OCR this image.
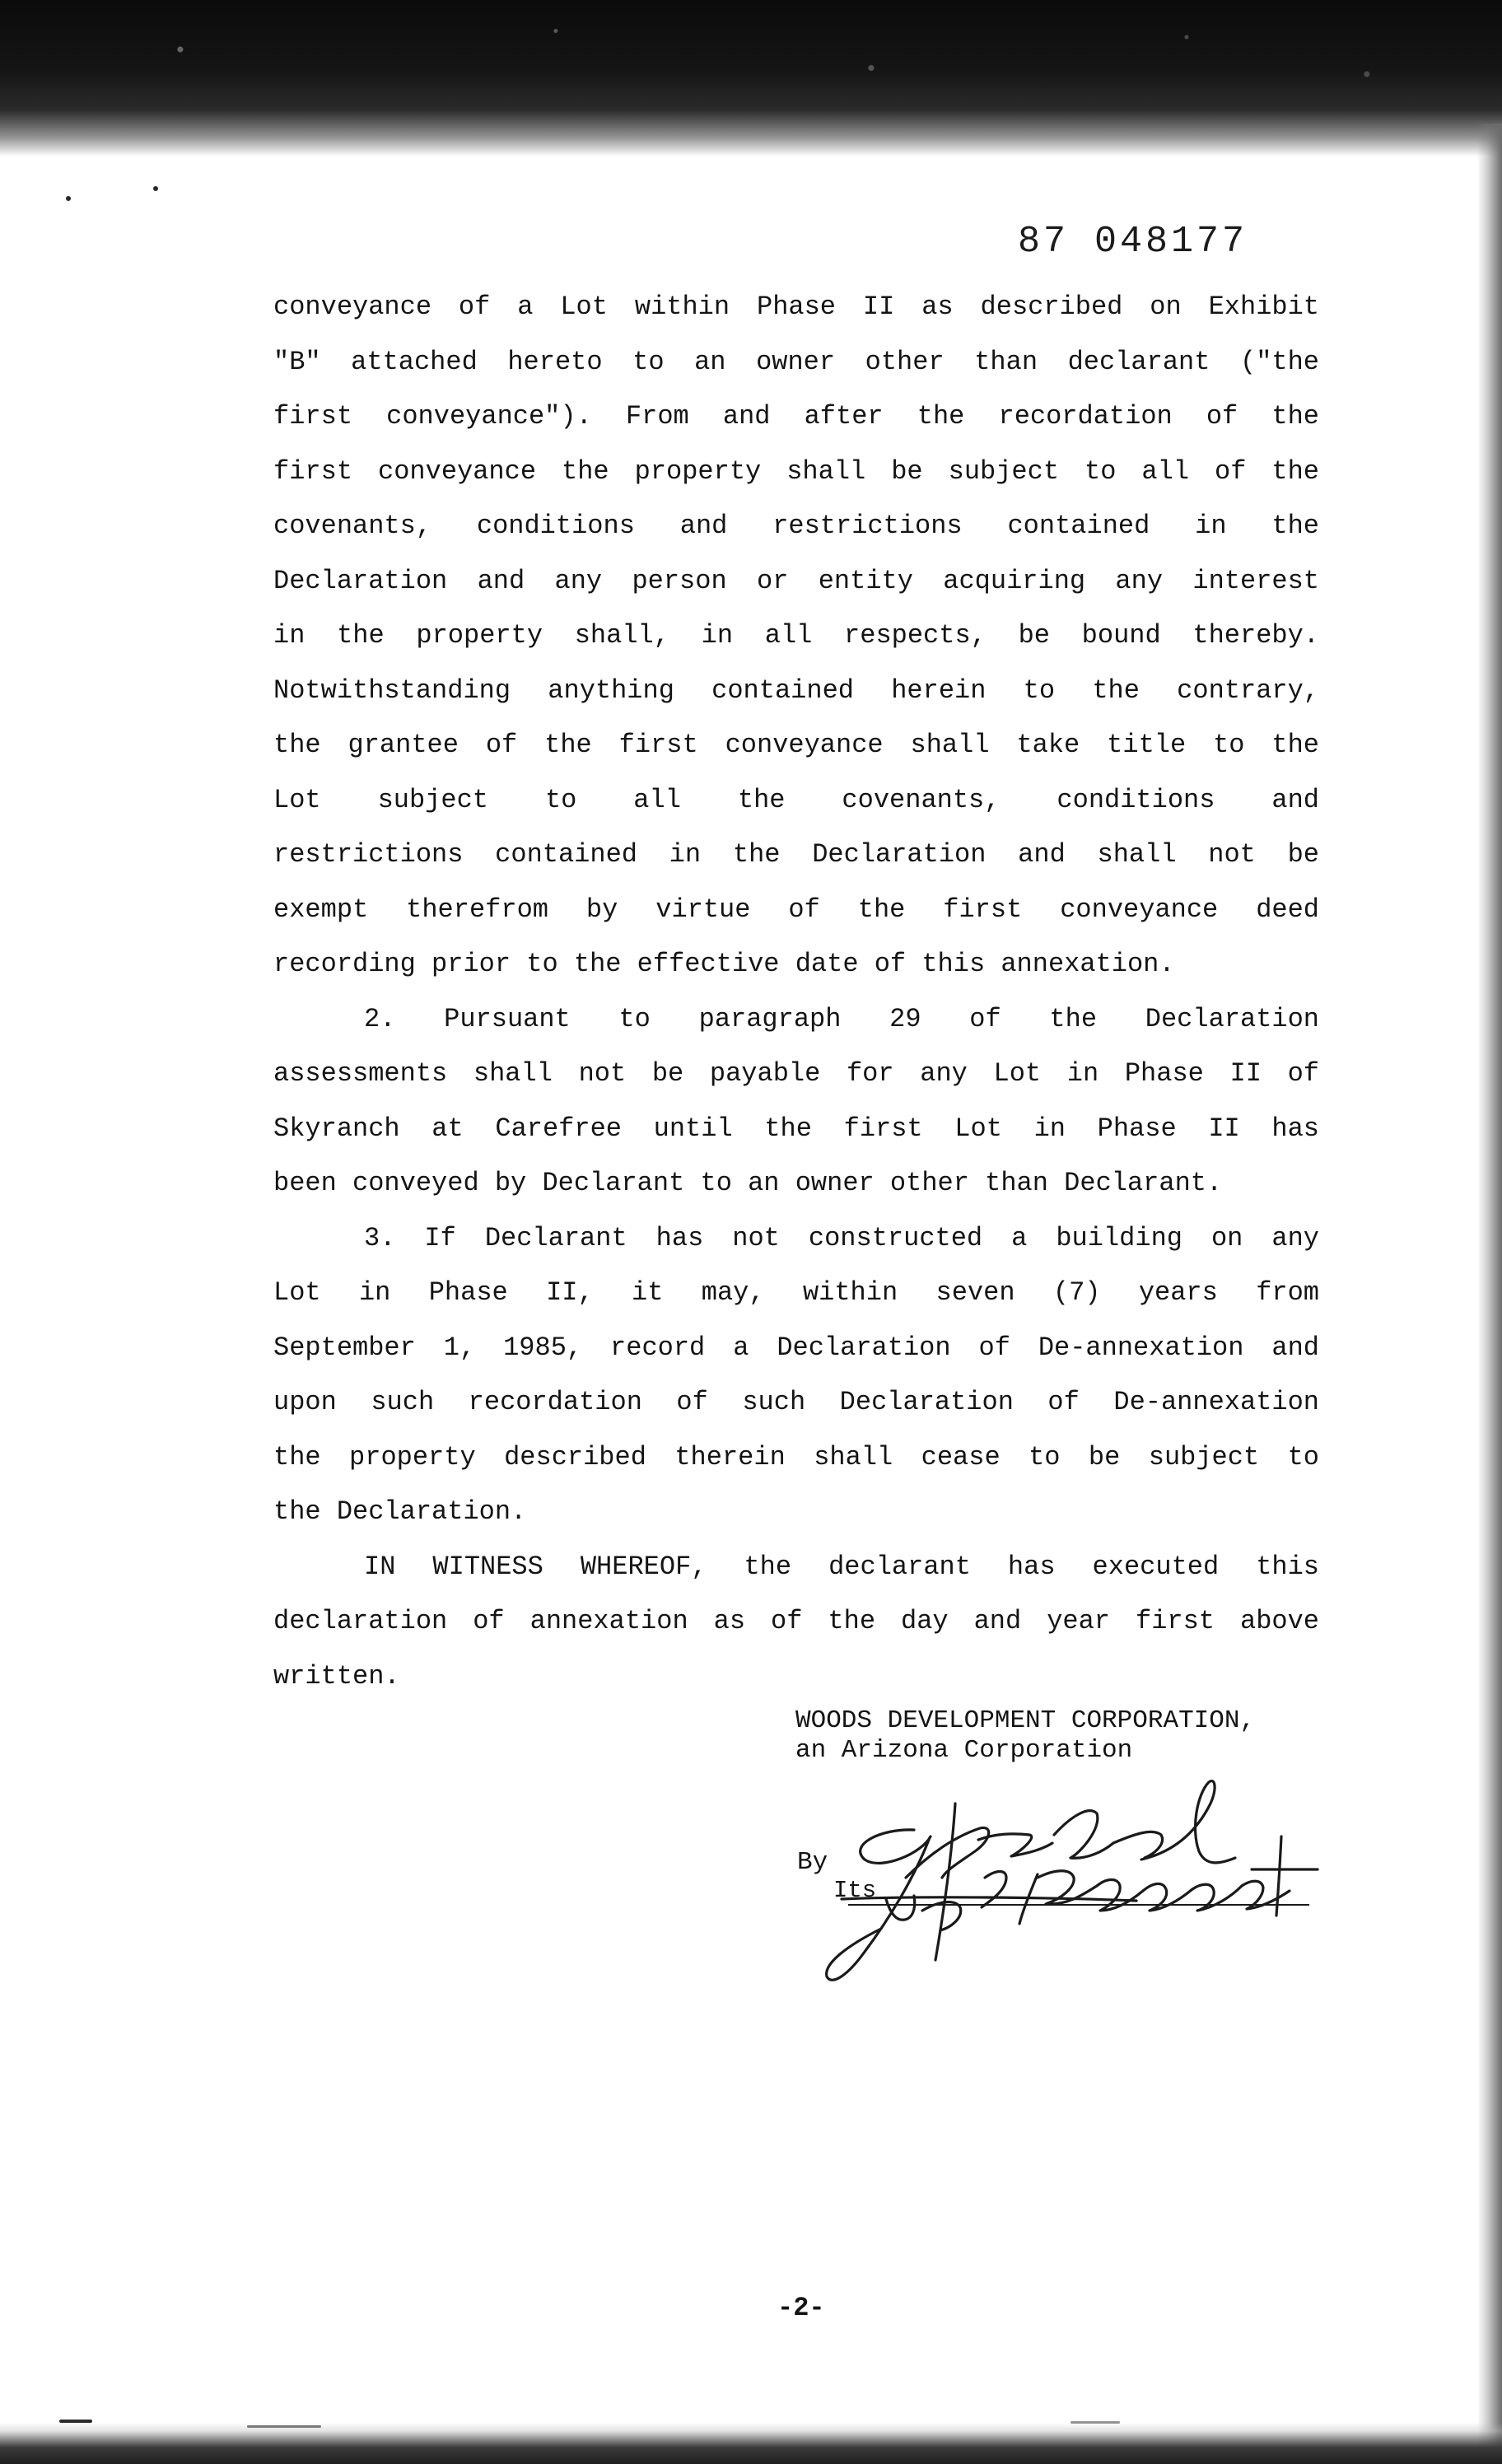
87 048177
conveyance of a Lot within Phase II as described on Exhibit
"B" attached hereto to an owner other than declarant ("the
first conveyance"). From and after the recordation of the
first conveyance the property shall be subject to all of the
covenants, conditions and restrictions contained in the
Declaration and any person or entity acquiring any interest
in the property shall, in all respects, be bound thereby.
Notwithstanding anything contained herein to the contrary,
the grantee of the first conveyance shall take title to the
Lot subject to all the covenants, conditions and
restrictions contained in the Declaration and shall not be
exempt therefrom by virtue of the first conveyance deed
recording prior to the effective date of this annexation.
2. Pursuant to paragraph 29 of the Declaration
assessments shall not be payable for any Lot in Phase II of
Skyranch at Carefree until the first Lot in Phase II has
been conveyed by Declarant to an owner other than Declarant.
3. If Declarant has not constructed a building on any
Lot in Phase II, it may, within seven (7) years from
September 1, 1985, record a Declaration of De-annexation and
upon such recordation of such Declaration of De-annexation
the property described therein shall cease to be subject to
the Declaration.
IN WITNESS WHEREOF, the declarant has executed this
declaration of annexation as of the day and year first above
written.
WOODS DEVELOPMENT CORPORATION,
an Arizona Corporation
By
Its
-2-
